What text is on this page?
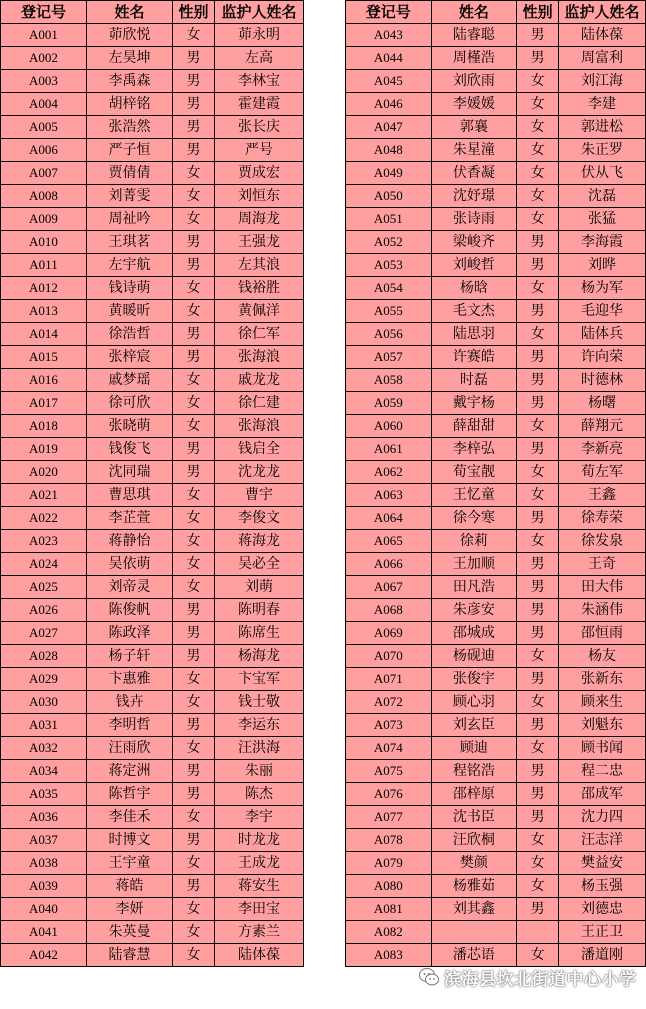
登记号	姓名	性别	监护人姓名
A001	茆欣悦	女	茆永明
A002	左昊坤	男	左高
A003	李禹森	男	李林宝
A004	胡梓铭	男	霍建霞
A005	张浩然	男	张长庆
A006	严子恒	男	严号
A007	贾倩倩	女	贾成宏
A008	刘菁雯	女	刘恒东
A009	周祉吟	女	周海龙
A010	王琪茗	男	王强龙
A011	左宇航	男	左其浪
A012	钱诗萌	女	钱裕胜
A013	黄暖昕	女	黄佩洋
A014	徐浩哲	男	徐仁军
A015	张梓宸	男	张海浪
A016	戚梦瑶	女	戚龙龙
A017	徐可欣	女	徐仁建
A018	张晓萌	女	张海浪
A019	钱俊飞	男	钱启全
A020	沈同瑞	男	沈龙龙
A021	曹思琪	女	曹宇
A022	李芷萱	女	李俊文
A023	蒋静怡	女	蒋海龙
A024	吴依萌	女	吴必全
A025	刘帝灵	女	刘萌
A026	陈俊帆	男	陈明春
A027	陈政泽	男	陈席生
A028	杨子轩	男	杨海龙
A029	卞惠雅	女	卞宝军
A030	钱卉	女	钱士敬
A031	李明哲	男	李运东
A032	汪雨欣	女	汪洪海
A034	蒋定洲	男	朱丽
A035	陈哲宇	男	陈杰
A036	李佳禾	女	李宇
A037	时博文	男	时龙龙
A038	王宇童	女	王成龙
A039	蒋皓	男	蒋安生
A040	李妍	女	李田宝
A041	朱英曼	女	方素兰
A042	陆睿慧	女	陆体葆
登记号	姓名	性别	监护人姓名
A043	陆睿聪	男	陆体葆
A044	周槿浩	男	周富利
A045	刘欣雨	女	刘江海
A046	李媛媛	女	李建
A047	郭襄	女	郭进松
A048	朱星潼	女	朱正罗
A049	伏香凝	女	伏从飞
A050	沈妤璟	女	沈磊
A051	张诗雨	女	张猛
A052	梁峻齐	男	李海霞
A053	刘峻哲	男	刘晔
A054	杨晗	女	杨为军
A055	毛文杰	男	毛迎华
A056	陆思羽	女	陆体兵
A057	许赛皓	男	许向荣
A058	时磊	男	时德林
A059	戴宇杨	男	杨曙
A060	薛甜甜	女	薛翔元
A061	李梓弘	男	李新亮
A062	荀宝靓	女	荀左军
A063	王忆童	女	王鑫
A064	徐今寒	男	徐寿荣
A065	徐莉	女	徐发泉
A066	王加顺	男	王奇
A067	田凡浩	男	田大伟
A068	朱彦安	男	朱涵伟
A069	邵城成	男	邵恒雨
A070	杨砚迪	女	杨友
A071	张俊宇	男	张新东
A072	顾心羽	女	顾来生
A073	刘玄臣	男	刘魁东
A074	顾迪	女	顾书闻
A075	程铭浩	男	程二忠
A076	邵梓原	男	邵成军
A077	沈书臣	男	沈力四
A078	汪欣桐	女	汪志洋
A079	樊颜	女	樊益安
A080	杨雅茹	女	杨玉强
A081	刘其鑫	男	刘德忠
A082			王正卫
A083	潘芯语	女	潘道刚
滨海县坎北街道中心小学
